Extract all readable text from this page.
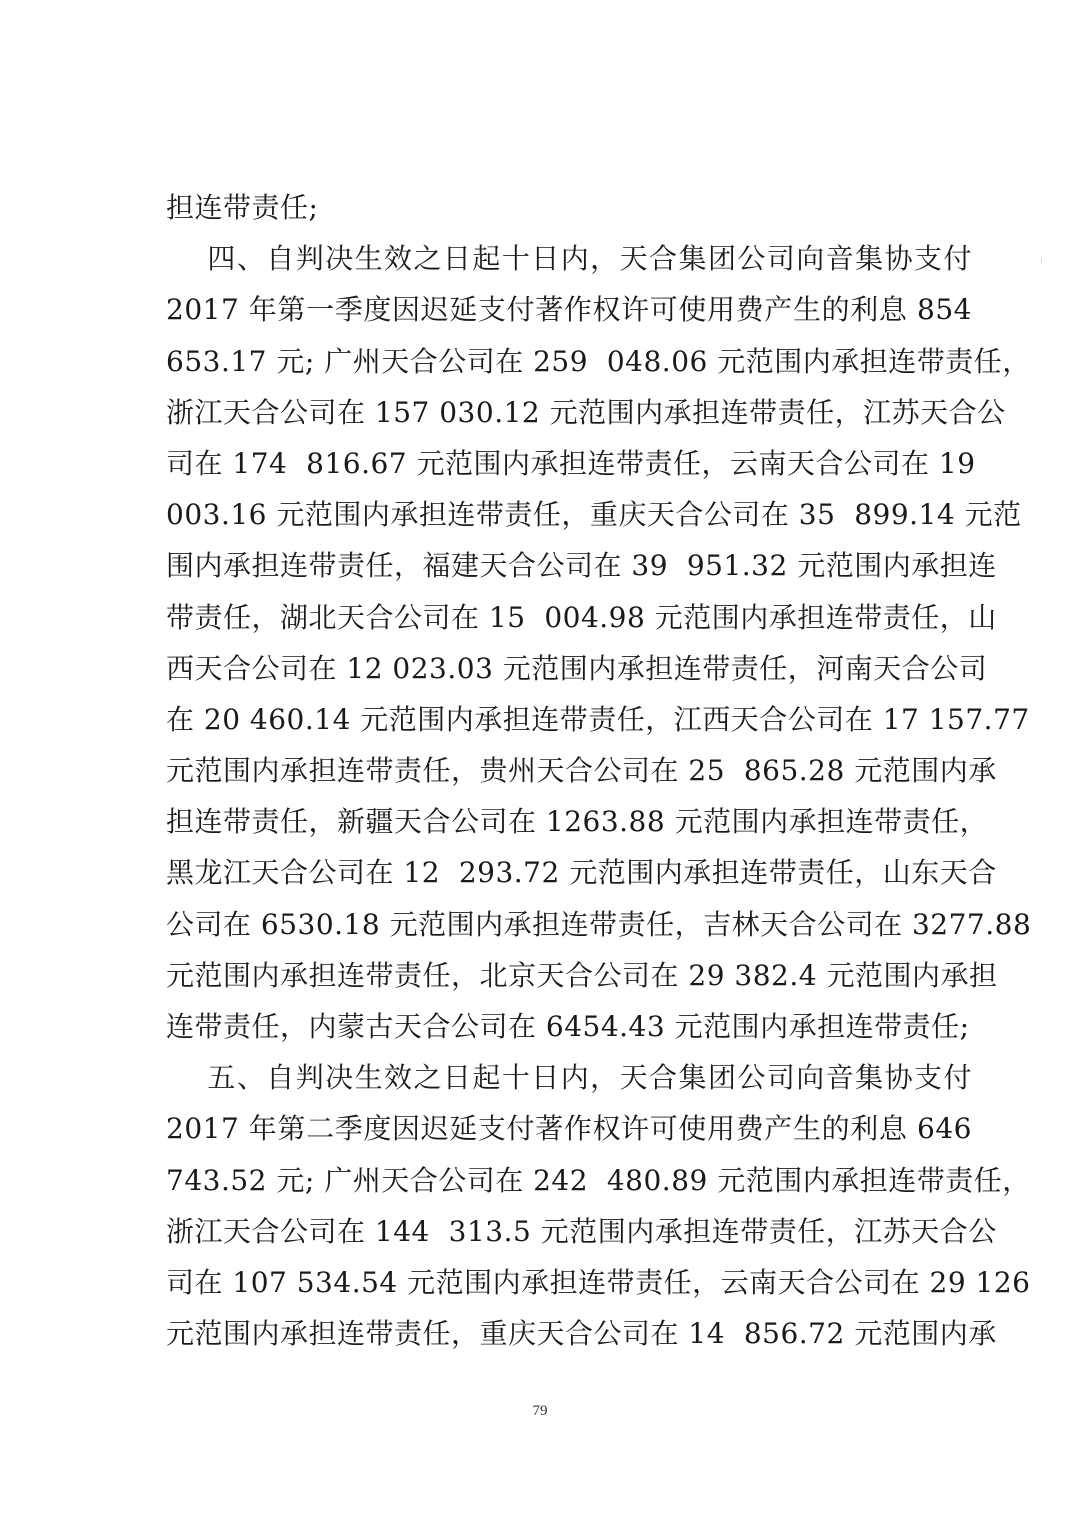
担连带责任;
四、自判决生效之日起十日内，天合集团公司向音集协支付
2017 年第一季度因迟延支付著作权许可使用费产生的利息 854
653.17 元; 广州天合公司在 259  048.06 元范围内承担连带责任，
浙江天合公司在 157 030.12 元范围内承担连带责任，江苏天合公
司在 174  816.67 元范围内承担连带责任，云南天合公司在 19
003.16 元范围内承担连带责任，重庆天合公司在 35  899.14 元范
围内承担连带责任，福建天合公司在 39  951.32 元范围内承担连
带责任，湖北天合公司在 15  004.98 元范围内承担连带责任，山
西天合公司在 12 023.03 元范围内承担连带责任，河南天合公司
在 20 460.14 元范围内承担连带责任，江西天合公司在 17 157.77
元范围内承担连带责任，贵州天合公司在 25  865.28 元范围内承
担连带责任，新疆天合公司在 1263.88 元范围内承担连带责任，
黑龙江天合公司在 12  293.72 元范围内承担连带责任，山东天合
公司在 6530.18 元范围内承担连带责任，吉林天合公司在 3277.88
元范围内承担连带责任，北京天合公司在 29 382.4 元范围内承担
连带责任，内蒙古天合公司在 6454.43 元范围内承担连带责任;
五、自判决生效之日起十日内，天合集团公司向音集协支付
2017 年第二季度因迟延支付著作权许可使用费产生的利息 646
743.52 元; 广州天合公司在 242  480.89 元范围内承担连带责任，
浙江天合公司在 144  313.5 元范围内承担连带责任，江苏天合公
司在 107 534.54 元范围内承担连带责任，云南天合公司在 29 126
元范围内承担连带责任，重庆天合公司在 14  856.72 元范围内承
79
